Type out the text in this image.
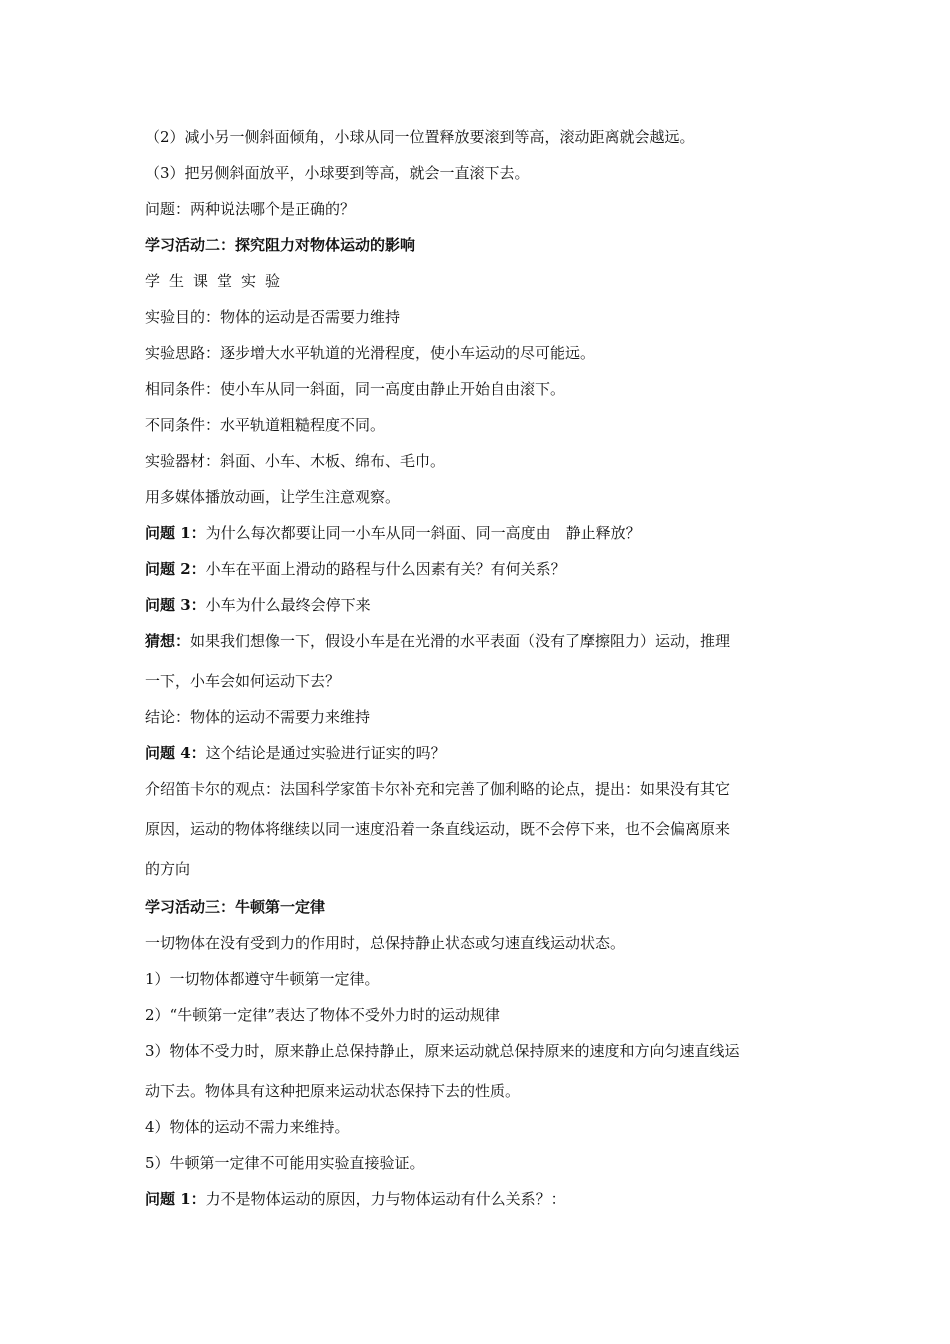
（2）减小另一侧斜面倾角，小球从同一位置释放要滚到等高，滚动距离就会越远。
（3）把另侧斜面放平，小球要到等高，就会一直滚下去。
问题：两种说法哪个是正确的？
学习活动二：探究阻力对物体运动的影响
学生课堂实验
实验目的：物体的运动是否需要力维持
实验思路：逐步增大水平轨道的光滑程度，使小车运动的尽可能远。
相同条件：使小车从同一斜面，同一高度由静止开始自由滚下。
不同条件：水平轨道粗糙程度不同。
实验器材：斜面、小车、木板、绵布、毛巾。
用多媒体播放动画，让学生注意观察。
问题 1：为什么每次都要让同一小车从同一斜面、同一高度由　静止释放？
问题 2：小车在平面上滑动的路程与什么因素有关？有何关系？
问题 3：小车为什么最终会停下来
猜想：如果我们想像一下，假设小车是在光滑的水平表面（没有了摩擦阻力）运动，推理
一下，小车会如何运动下去？
结论：物体的运动不需要力来维持
问题 4：这个结论是通过实验进行证实的吗？
介绍笛卡尔的观点：法国科学家笛卡尔补充和完善了伽利略的论点，提出：如果没有其它
原因，运动的物体将继续以同一速度沿着一条直线运动，既不会停下来，也不会偏离原来
的方向
学习活动三：牛顿第一定律
一切物体在没有受到力的作用时，总保持静止状态或匀速直线运动状态。
1）一切物体都遵守牛顿第一定律。
2）“牛顿第一定律”表达了物体不受外力时的运动规律
3）物体不受力时，原来静止总保持静止，原来运动就总保持原来的速度和方向匀速直线运
动下去。物体具有这种把原来运动状态保持下去的性质。
4）物体的运动不需力来维持。
5）牛顿第一定律不可能用实验直接验证。
问题 1：力不是物体运动的原因，力与物体运动有什么关系？：
